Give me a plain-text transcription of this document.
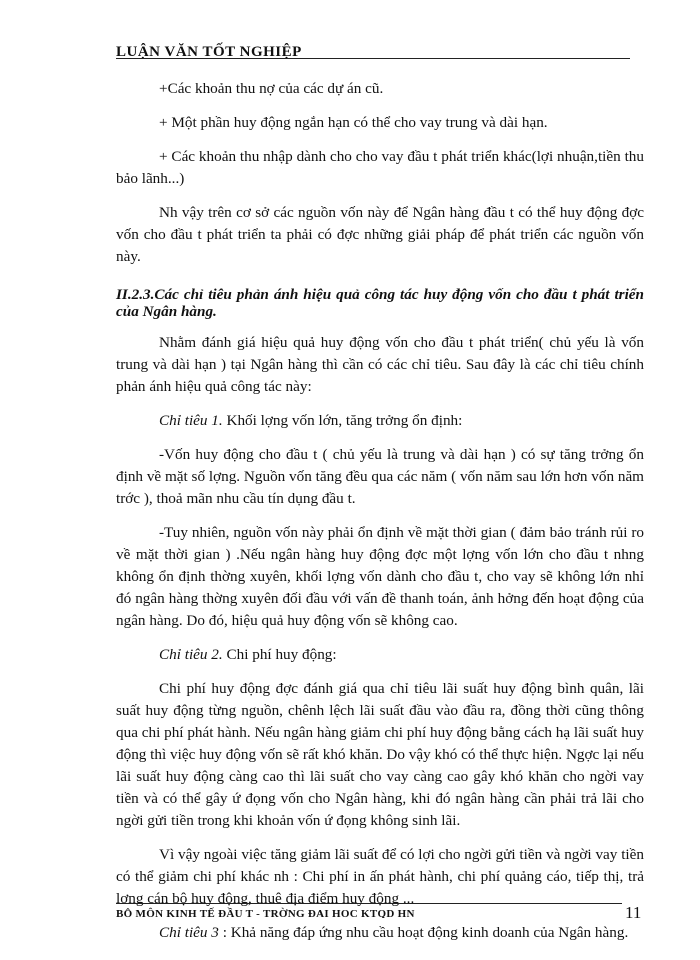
LUẬN VĂN TỐT NGHIỆP

+Các khoản thu nợ của các dự án cũ.

+ Một phần huy động ngắn hạn có thể cho vay trung và dài hạn.

+ Các khoản thu nhập dành cho cho vay đầu t phát triển khác(lợi nhuận,tiền thu bảo lãnh...)

Nh vậy trên cơ sở các nguồn vốn này để Ngân hàng đầu t có thể huy động đợc vốn cho đầu t phát triển ta phải có đợc những giải pháp để phát triển các nguồn vốn này.

II.2.3.Các chỉ tiêu phản ánh hiệu quả công tác huy động vốn cho đầu t phát triển của Ngân hàng.

Nhằm đánh giá hiệu quả huy động vốn cho đầu t phát triển( chủ yếu là vốn trung và dài hạn ) tại Ngân hàng thì cần có các chỉ tiêu. Sau đây là các chỉ tiêu chính phản ánh hiệu quả công tác này:

Chỉ tiêu 1. Khối lợng vốn lớn, tăng trởng ổn định:

-Vốn huy động cho đầu t ( chủ yếu là trung và dài hạn ) có sự tăng trởng ổn định về mặt số lợng. Nguồn vốn tăng đều qua các năm ( vốn năm sau lớn hơn vốn năm trớc ), thoả mãn nhu cầu tín dụng đầu t.

-Tuy nhiên, nguồn vốn này phải ổn định về mặt thời gian ( đảm bảo tránh rủi ro về mặt thời gian ) .Nếu ngân hàng huy động đợc một lợng vốn lớn cho đầu t nhng không ổn định thờng xuyên, khối lợng vốn dành cho đầu t, cho vay sẽ không lớn nhỉ đó ngân hàng thờng xuyên đối đầu với vấn đề thanh toán, ảnh hởng đến hoạt động của ngân hàng. Do đó, hiệu quả huy động vốn sẽ không cao.

Chỉ tiêu 2. Chi phí huy động:

Chi phí huy động đợc đánh giá qua chỉ tiêu lãi suất huy động bình quân, lãi suất huy động từng nguồn, chênh lệch lãi suất đầu vào đầu ra, đồng thời cũng thông qua chi phí phát hành. Nếu ngân hàng giảm chi phí huy động bằng cách hạ lãi suất huy động thì việc huy động vốn sẽ rất khó khăn. Do vậy khó có thể thực hiện. Ngợc lại nếu lãi suất huy động càng cao thì lãi suất cho vay càng cao gây khó khăn cho ngời vay tiền và có thể gây ứ đọng vốn cho Ngân hàng, khi đó ngân hàng cần phải trả lãi cho ngời gửi tiền trong khi khoản vốn ứ đọng không sinh lãi.

Vì vậy ngoài việc tăng giảm lãi suất để có lợi cho ngời gửi tiền và ngời vay tiền có thể giảm chi phí khác nh : Chi phí in ấn phát hành, chi phí quảng cáo, tiếp thị, trả lơng cán bộ huy động, thuê địa điểm huy động ...

Chỉ tiêu 3 : Khả năng đáp ứng nhu cầu hoạt động kinh doanh của Ngân hàng.

BỘ MÔN KINH TẾ ĐẦU T - TRỜNG ĐẠI HỌC KTQD HN	11
